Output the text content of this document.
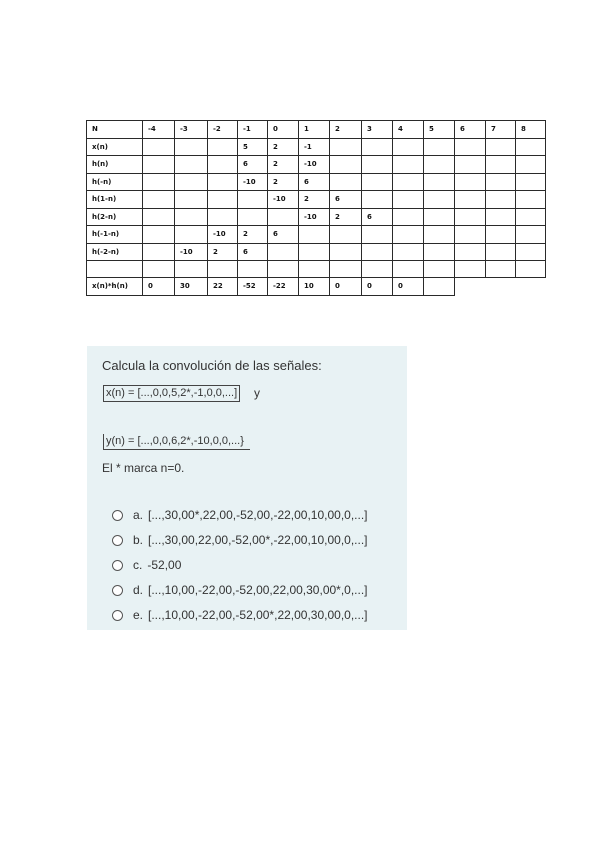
N	-4	-3	-2	-1	0	1	2	3	4	5	6	7	8
x(n)				5	2	-1							
h(n)				6	2	-10							
h(-n)				-10	2	6							
h(1-n)					-10	2	6						
h(2-n)						-10	2	6					
h(-1-n)			-10	2	6								
h(-2-n)		-10	2	6									

x(n)*h(n)	0	30	22	-52	-22	10	0	0	0				
Calcula la convolución de las señales:
x(n) = [...,0,0,5,2*,-1,0,0,...] y
y(n) = [...,0,0,6,2*,-10,0,0,...}
El * marca n=0.
a. [...,30,00*,22,00,-52,00,-22,00,10,00,0,...]
b. [...,30,00,22,00,-52,00*,-22,00,10,00,0,...]
c. -52,00
d. [...,10,00,-22,00,-52,00,22,00,30,00*,0,...]
e. [...,10,00,-22,00,-52,00*,22,00,30,00,0,...]
